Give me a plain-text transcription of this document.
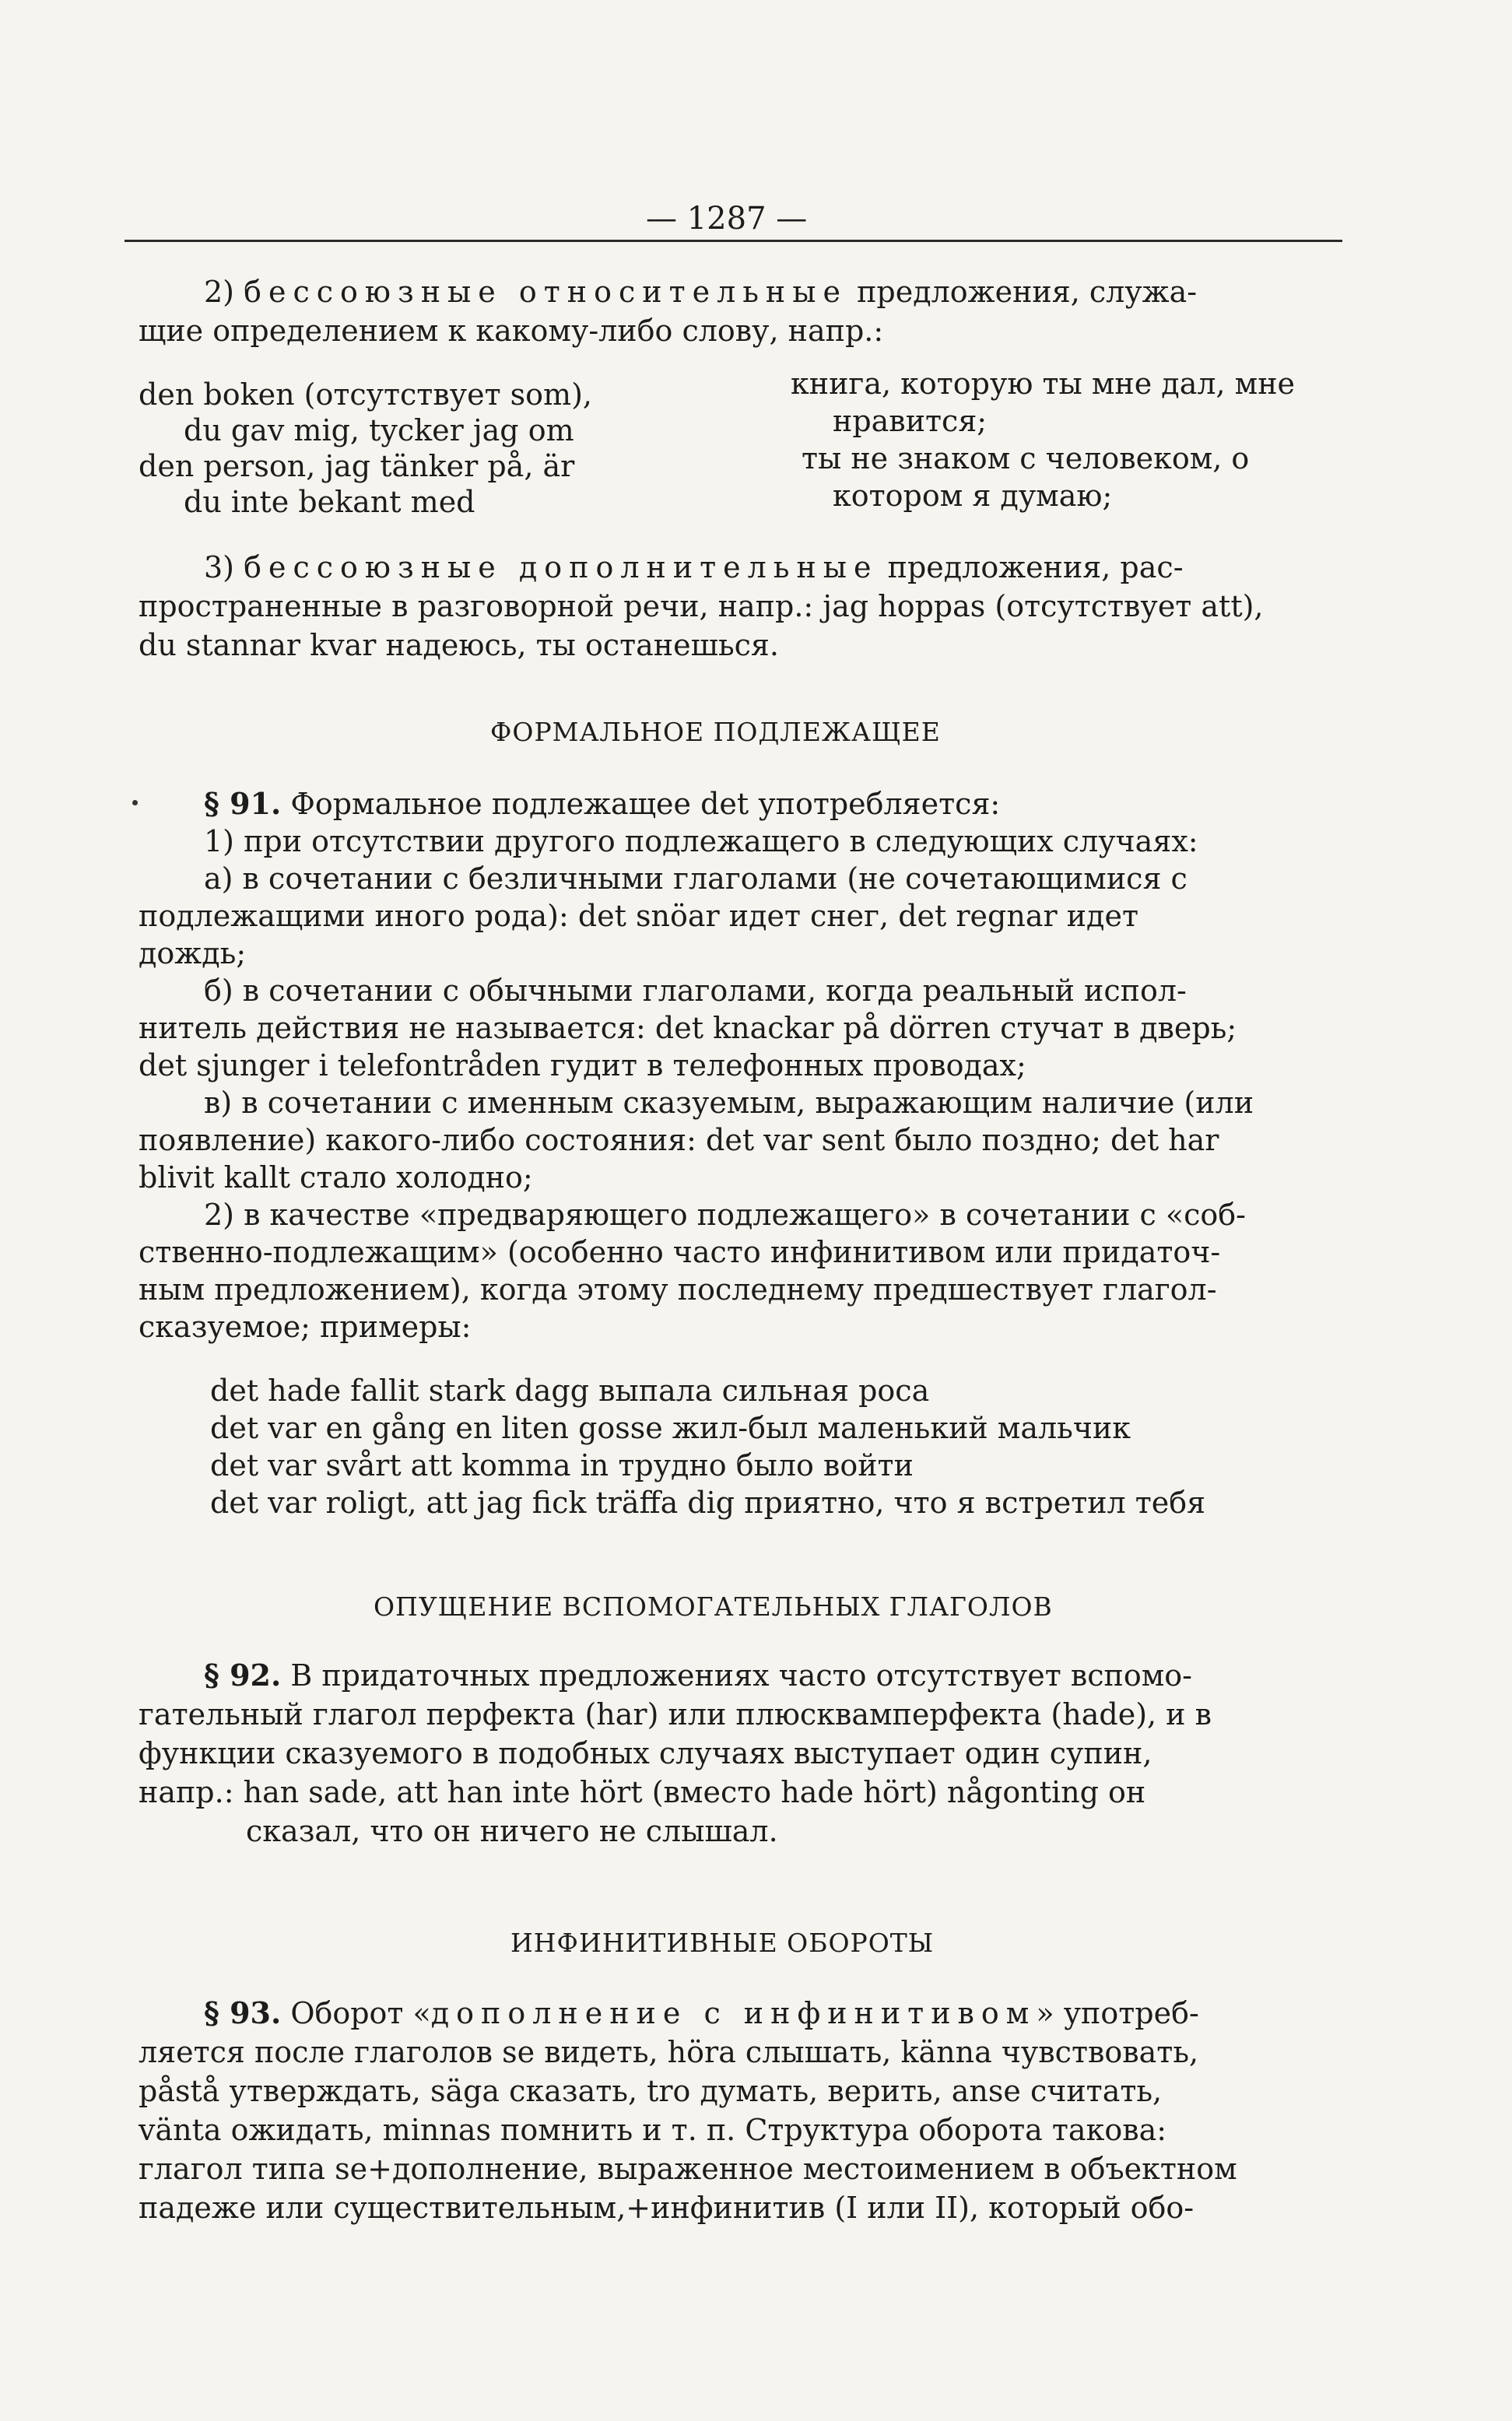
— 1287 —
2) бессоюзные относительные предложения, служа-
щие определением к какому-либо слову, напр.:
den boken (отсутствует som),
du gav mig, tycker jag om
den person, jag tänker på, är
du inte bekant med
книга, которую ты мне дал, мне
нравится;
ты не знаком с человеком, о
котором я думаю;
3) бессоюзные дополнительные предложения, рас-
пространенные в разговорной речи, напр.: jag hoppas (отсутствует att),
du stannar kvar надеюсь, ты останешься.
ФОРМАЛЬНОЕ ПОДЛЕЖАЩЕЕ
§ 91. Формальное подлежащее det употребляется:
1) при отсутствии другого подлежащего в следующих случаях:
а) в сочетании с безличными глаголами (не сочетающимися с
подлежащими иного рода): det snöar идет снег, det regnar идет
дождь;
б) в сочетании с обычными глаголами, когда реальный испол-
нитель действия не называется: det knackar på dörren стучат в дверь;
det sjunger i telefontråden гудит в телефонных проводах;
в) в сочетании с именным сказуемым, выражающим наличие (или
появление) какого-либо состояния: det var sent было поздно; det har
blivit kallt стало холодно;
2) в качестве «предваряющего подлежащего» в сочетании с «соб-
ственно-подлежащим» (особенно часто инфинитивом или придаточ-
ным предложением), когда этому последнему предшествует глагол-
сказуемое; примеры:
det hade fallit stark dagg выпала сильная роса
det var en gång en liten gosse жил-был маленький мальчик
det var svårt att komma in трудно было войти
det var roligt, att jag fick träffa dig приятно, что я встретил тебя
ОПУЩЕНИЕ ВСПОМОГАТЕЛЬНЫХ ГЛАГОЛОВ
§ 92. В придаточных предложениях часто отсутствует вспомо-
гательный глагол перфекта (har) или плюсквамперфекта (hade), и в
функции сказуемого в подобных случаях выступает один супин,
напр.: han sade, att han inte hört (вместо hade hört) någonting он
сказал, что он ничего не слышал.
ИНФИНИТИВНЫЕ ОБОРОТЫ
§ 93. Оборот «дополнение с инфинитивом» употреб-
ляется после глаголов se видеть, höra слышать, känna чувствовать,
påstå утверждать, säga сказать, tro думать, верить, anse считать,
vänta ожидать, minnas помнить и т. п. Структура оборота такова:
глагол типа se+дополнение, выраженное местоимением в объектном
падеже или существительным,+инфинитив (I или II), который обо-
